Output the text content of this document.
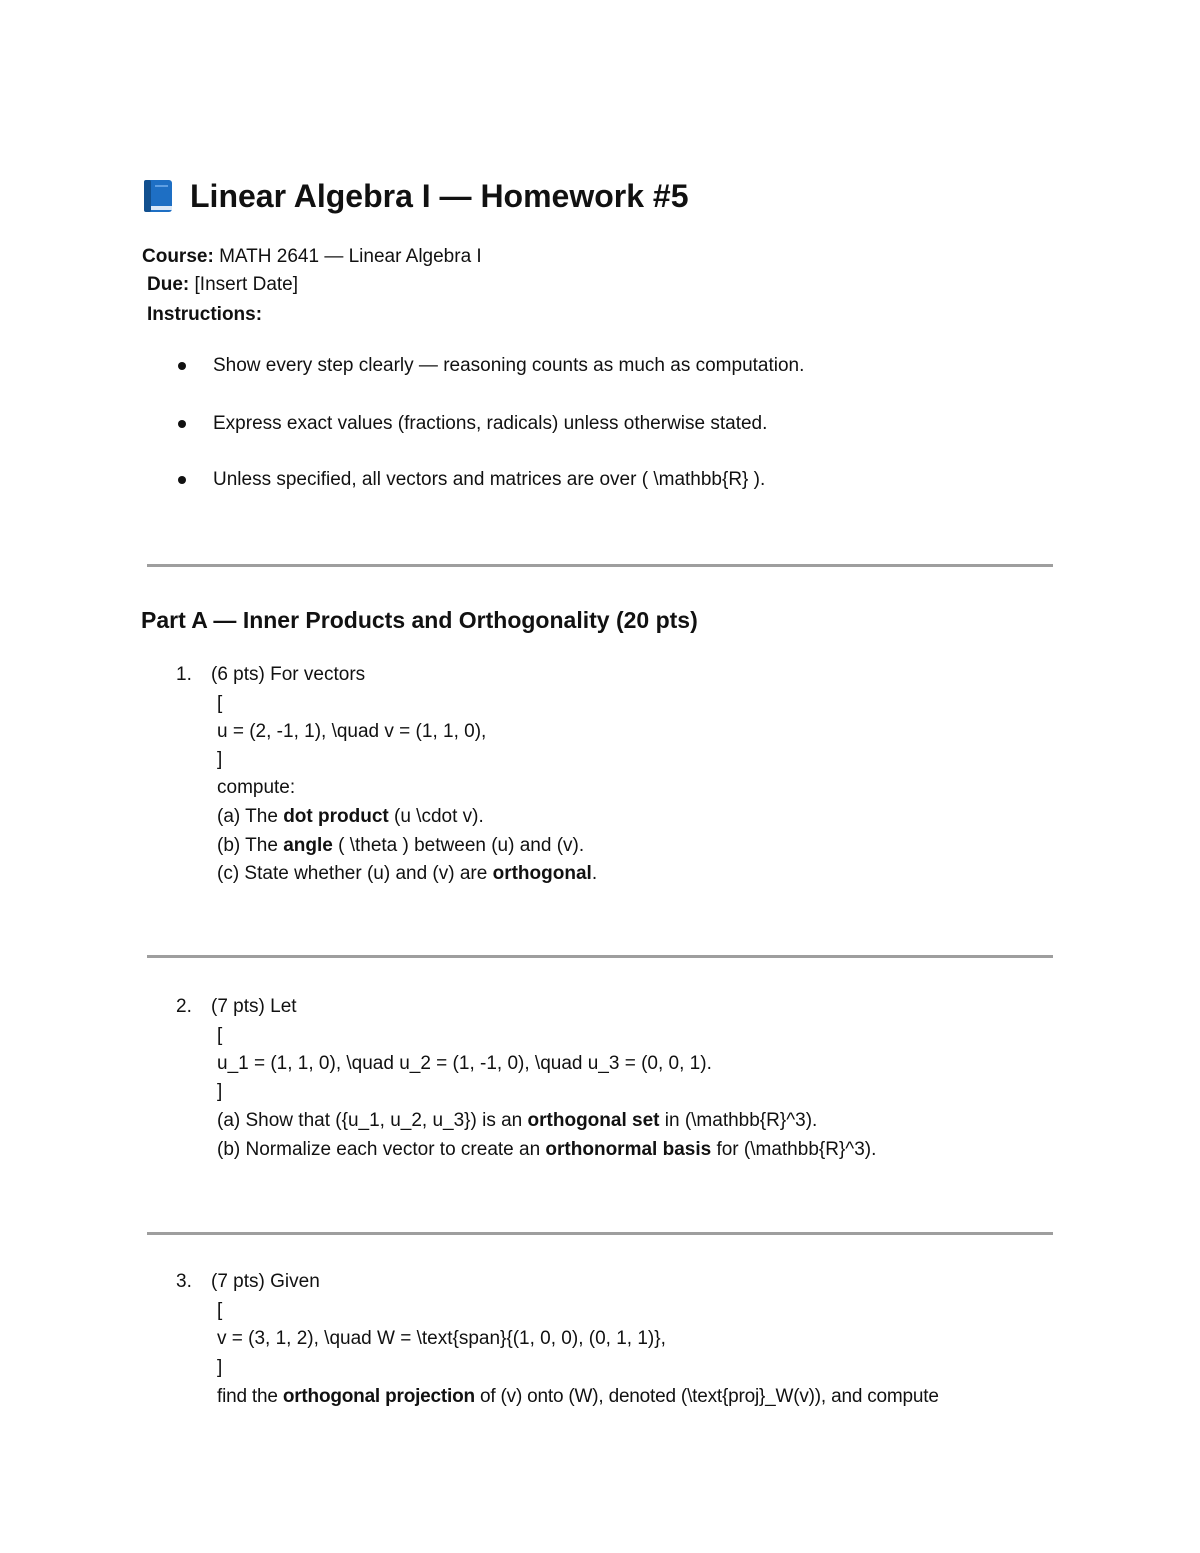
Linear Algebra I — Homework #5
Course: MATH 2641 — Linear Algebra I
Due: [Insert Date]
Instructions:
Show every step clearly — reasoning counts as much as computation.
Express exact values (fractions, radicals) unless otherwise stated.
Unless specified, all vectors and matrices are over ( \mathbb{R} ).
Part A — Inner Products and Orthogonality (20 pts)
1. (6 pts) For vectors
[
u = (2, -1, 1), \quad v = (1, 1, 0),
]
compute:
(a) The dot product (u \cdot v).
(b) The angle ( \theta ) between (u) and (v).
(c) State whether (u) and (v) are orthogonal.
2. (7 pts) Let
[
u_1 = (1, 1, 0), \quad u_2 = (1, -1, 0), \quad u_3 = (0, 0, 1).
]
(a) Show that ({u_1, u_2, u_3}) is an orthogonal set in (\mathbb{R}^3).
(b) Normalize each vector to create an orthonormal basis for (\mathbb{R}^3).
3. (7 pts) Given
[
v = (3, 1, 2), \quad W = \text{span}{(1, 0, 0), (0, 1, 1)},
]
find the orthogonal projection of (v) onto (W), denoted (\text{proj}_W(v)), and compute
